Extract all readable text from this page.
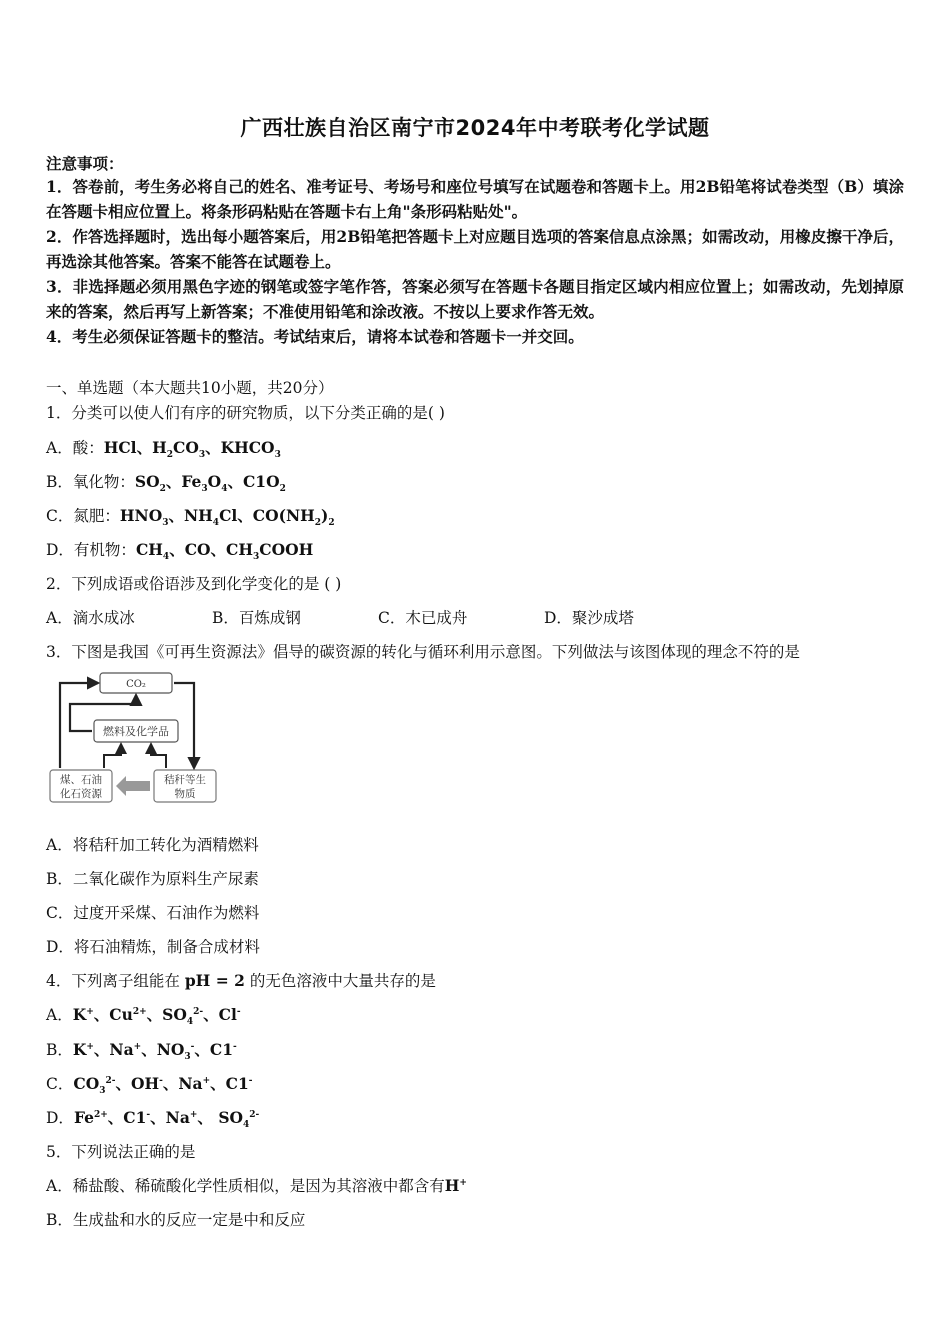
广西壮族自治区南宁市2024年中考联考化学试题
注意事项：
1．答卷前，考生务必将自己的姓名、准考证号、考场号和座位号填写在试题卷和答题卡上。用2B铅笔将试卷类型（B）填涂在答题卡相应位置上。将条形码粘贴在答题卡右上角"条形码粘贴处"。
2．作答选择题时，选出每小题答案后，用2B铅笔把答题卡上对应题目选项的答案信息点涂黑；如需改动，用橡皮擦干净后，再选涂其他答案。答案不能答在试题卷上。
3．非选择题必须用黑色字迹的钢笔或签字笔作答，答案必须写在答题卡各题目指定区域内相应位置上；如需改动，先划掉原来的答案，然后再写上新答案；不准使用铅笔和涂改液。不按以上要求作答无效。
4．考生必须保证答题卡的整洁。考试结束后，请将本试卷和答题卡一并交回。
一、单选题（本大题共10小题，共20分）
1．分类可以使人们有序的研究物质，以下分类正确的是( )
A．酸：HCl、$H_2CO_3$、$KHCO_3$
B．氧化物：$SO_2$、$Fe_3O_4$、$C1O_2$
C．氮肥：$HNO_3$、$NH_4Cl$、$CO(NH_2)_2$
D．有机物：$CH_4$、CO、$CH_3COOH$
2．下列成语或俗语涉及到化学变化的是 ( )
A．滴水成冰	B．百炼成钢	C．木已成舟	D．聚沙成塔
3．下图是我国《可再生资源法》倡导的碳资源的转化与循环利用示意图。下列做法与该图体现的理念不符的是
CO₂
燃料及化学品
煤、石油
化石资源
秸秆等生
物质
A．将秸秆加工转化为酒精燃料
B．二氧化碳作为原料生产尿素
C．过度开采煤、石油作为燃料
D．将石油精炼，制备合成材料
4．下列离子组能在 pH = 2 的无色溶液中大量共存的是
A．K+、$Cu^{2+}$、$SO_4^{2-}$、Cl-
B．K+、Na+、$NO_3^-$、C1-
C．$CO_3^{2-}$、OH-、Na+、C1-
D．$Fe^{2+}$、C1-、Na+、 $SO_4^{2-}$
5．下列说法正确的是
A．稀盐酸、稀硫酸化学性质相似，是因为其溶液中都含有H+
B．生成盐和水的反应一定是中和反应
